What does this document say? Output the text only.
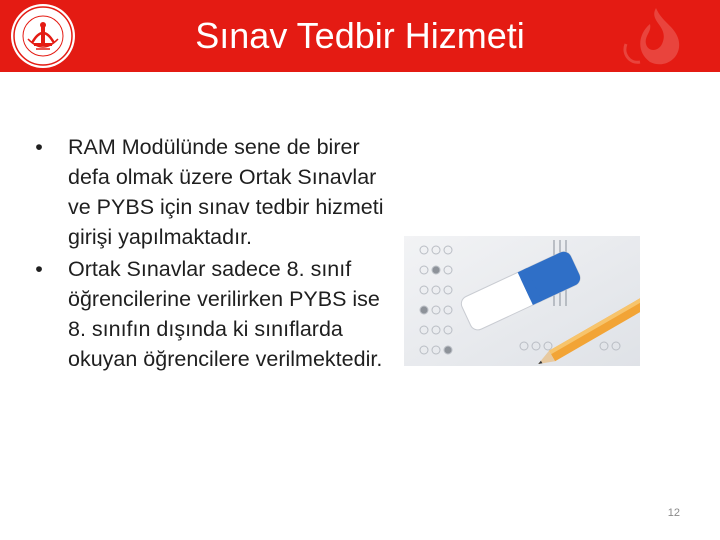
Sınav Tedbir Hizmeti
• RAM Modülünde sene de birer defa olmak üzere Ortak Sınavlar ve PYBS için sınav tedbir hizmeti girişi yapılmaktadır.
• Ortak Sınavlar sadece 8. sınıf öğrencilerine verilirken PYBS ise 8. sınıfın dışında ki sınıflarda okuyan öğrencilere verilmektedir.
12
